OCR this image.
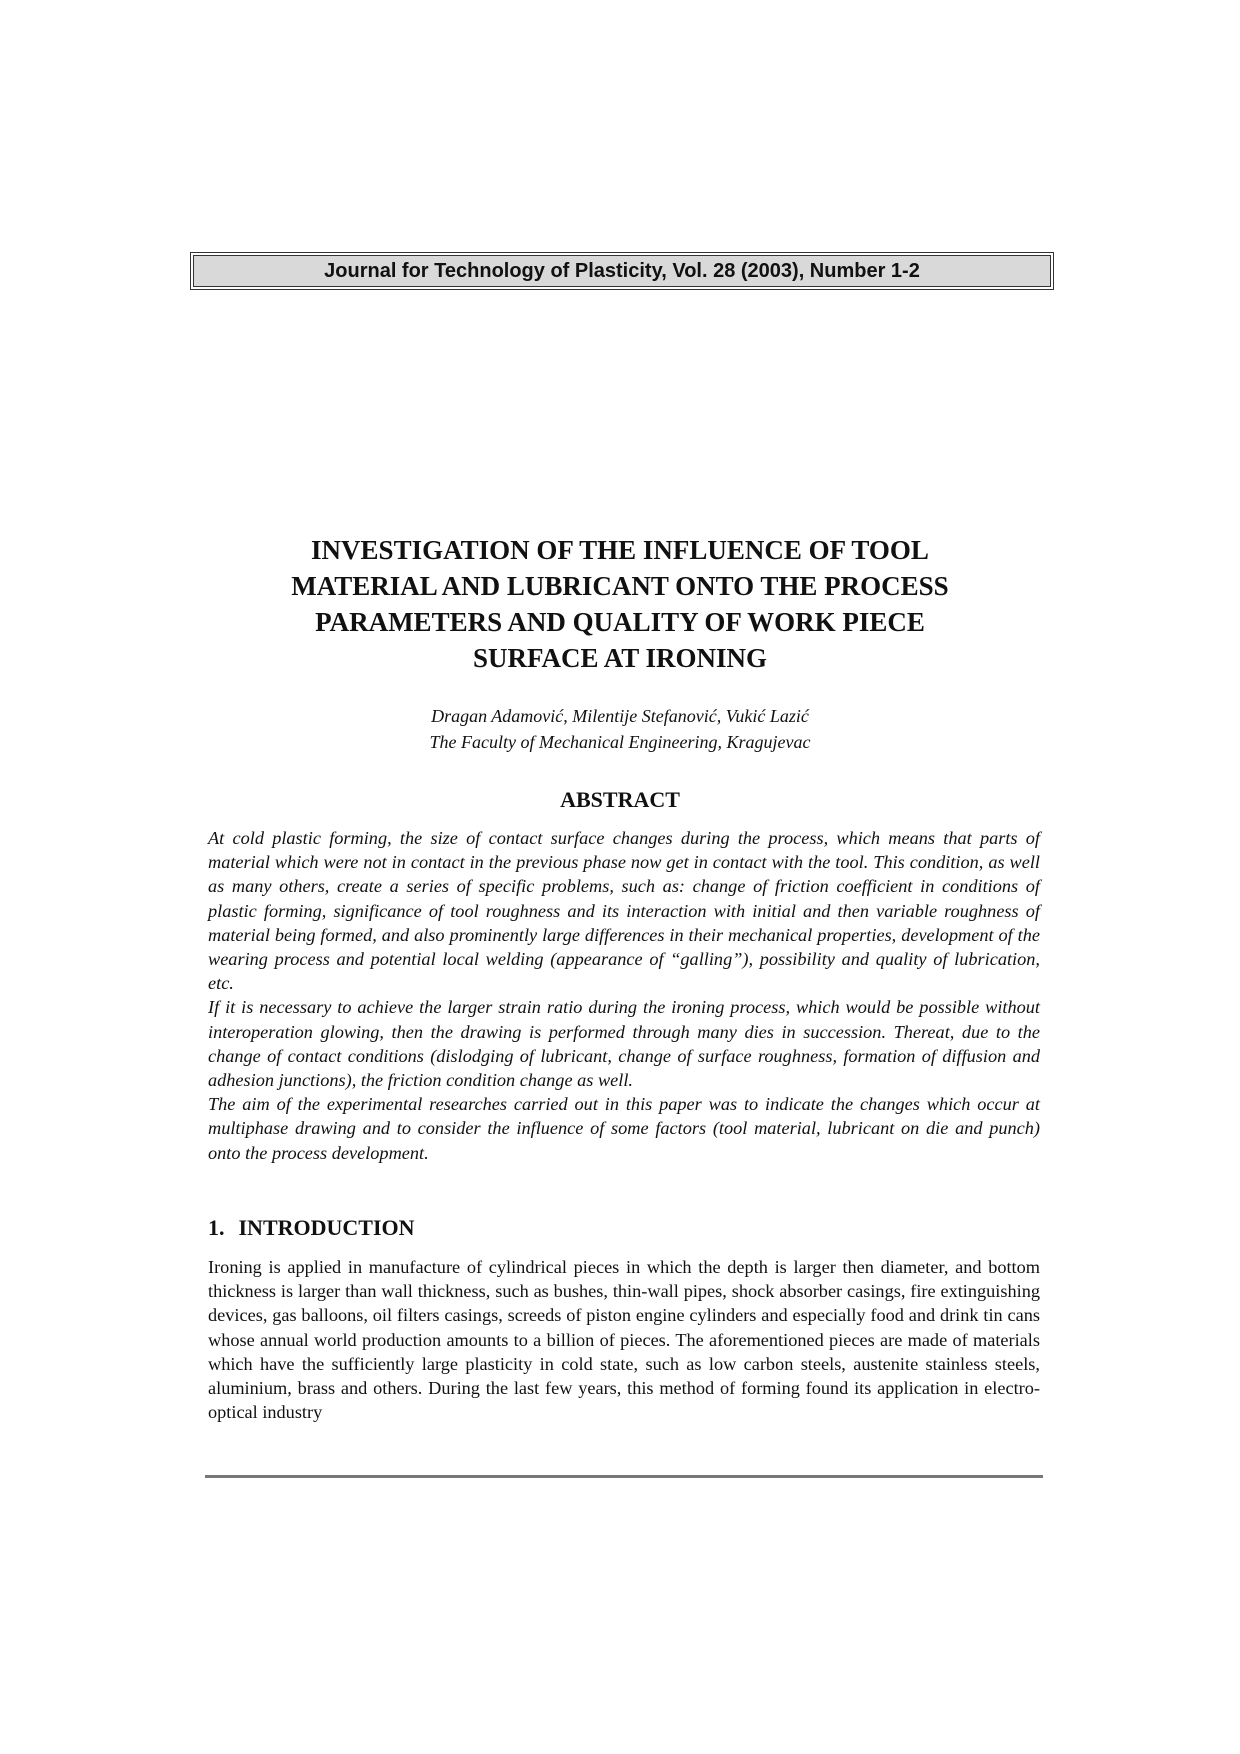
Journal for Technology of Plasticity, Vol. 28 (2003), Number 1-2
INVESTIGATION OF THE INFLUENCE OF TOOL
MATERIAL AND LUBRICANT ONTO THE PROCESS
PARAMETERS AND QUALITY OF WORK PIECE
SURFACE AT IRONING
Dragan Adamović, Milentije Stefanović, Vukić Lazić
The Faculty of Mechanical Engineering, Kragujevac
ABSTRACT

At cold plastic forming, the size of contact surface changes during the process, which means that parts of material which were not in contact in the previous phase now get in contact with the tool. This condition, as well as many others, create a series of specific problems, such as: change of friction coefficient in conditions of plastic forming, significance of tool roughness and its interaction with initial and then variable roughness of material being formed, and also prominently large differences in their mechanical properties, development of the wearing process and potential local welding (appearance of “galling”), possibility and quality of lubrication, etc.

If it is necessary to achieve the larger strain ratio during the ironing process, which would be possible without interoperation glowing, then the drawing is performed through many dies in succession. Thereat, due to the change of contact conditions (dislodging of lubricant, change of surface roughness, formation of diffusion and adhesion junctions), the friction condition change as well.

The aim of the experimental researches carried out in this paper was to indicate the changes which occur at multiphase drawing and to consider the influence of some factors (tool material, lubricant on die and punch) onto the process development.

1. INTRODUCTION

Ironing is applied in manufacture of cylindrical pieces in which the depth is larger then diameter, and bottom thickness is larger than wall thickness, such as bushes, thin-wall pipes, shock absorber casings, fire extinguishing devices, gas balloons, oil filters casings, screeds of piston engine cylinders and especially food and drink tin cans whose annual world production amounts to a billion of pieces. The aforementioned pieces are made of materials which have the sufficiently large plasticity in cold state, such as low carbon steels, austenite stainless steels, aluminium, brass and others. During the last few years, this method of forming found its application in electro-optical industry
